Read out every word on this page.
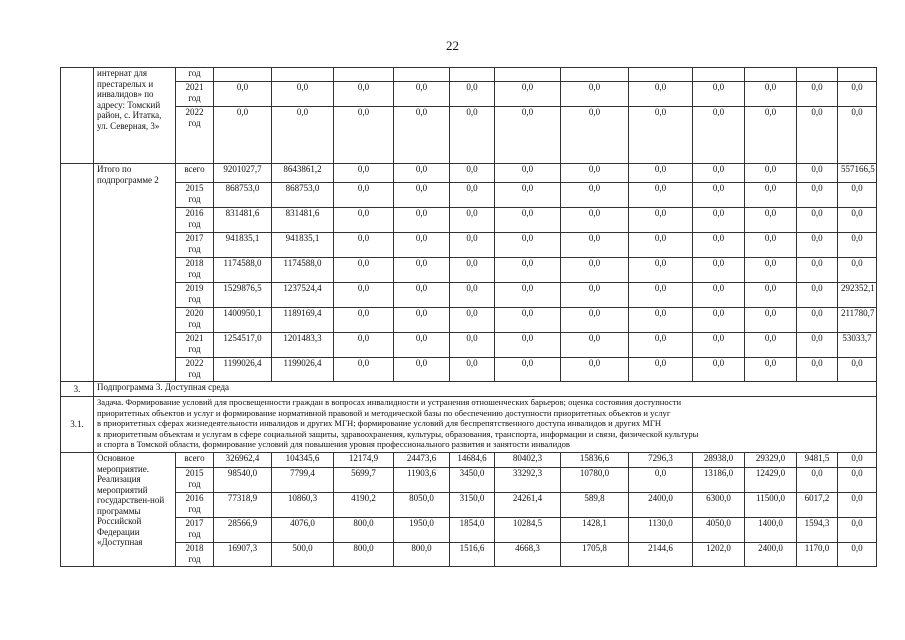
22
	интернат для престарелых и инвалидов» по адресу: Томский район, с. Итатка, ул. Северная, 3»	год												
		2021 год	0,0	0,0	0,0	0,0	0,0	0,0	0,0	0,0	0,0	0,0	0,0	0,0
		2022 год	0,0	0,0	0,0	0,0	0,0	0,0	0,0	0,0	0,0	0,0	0,0	0,0
	Итого по подпрограмме 2	всего	9201027,7	8643861,2	0,0	0,0	0,0	0,0	0,0	0,0	0,0	0,0	0,0	557166,5
		2015 год	868753,0	868753,0	0,0	0,0	0,0	0,0	0,0	0,0	0,0	0,0	0,0	0,0
		2016 год	831481,6	831481,6	0,0	0,0	0,0	0,0	0,0	0,0	0,0	0,0	0,0	0,0
		2017 год	941835,1	941835,1	0,0	0,0	0,0	0,0	0,0	0,0	0,0	0,0	0,0	0,0
		2018 год	1174588,0	1174588,0	0,0	0,0	0,0	0,0	0,0	0,0	0,0	0,0	0,0	0,0
		2019 год	1529876,5	1237524,4	0,0	0,0	0,0	0,0	0,0	0,0	0,0	0,0	0,0	292352,1
		2020 год	1400950,1	1189169,4	0,0	0,0	0,0	0,0	0,0	0,0	0,0	0,0	0,0	211780,7
		2021 год	1254517,0	1201483,3	0,0	0,0	0,0	0,0	0,0	0,0	0,0	0,0	0,0	53033,7
		2022 год	1199026,4	1199026,4	0,0	0,0	0,0	0,0	0,0	0,0	0,0	0,0	0,0	0,0
3.	Подпрограмма 3. Доступная среда													
3.1.	Задача. Формирование условий для просвещенности граждан в вопросах инвалидности и устранения отношенческих барьеров; оценка состояния доступности
приоритетных объектов и услуг и формирование нормативной правовой и методической базы по обеспечению доступности приоритетных объектов и услуг
в приоритетных сферах жизнедеятельности инвалидов и других МГН; формирование условий для беспрепятственного доступа инвалидов и других МГН
к приоритетным объектам и услугам в сфере социальной защиты, здравоохранения, культуры, образования, транспорта, информации и связи, физической культуры
и спорта в Томской области, формирование условий для повышения уровня профессионального развития и занятости инвалидов													

	Основное мероприятие. Реализация мероприятий государствен-ной программы Российской Федерации «Доступная	всего	326962,4	104345,6	12174,9	24473,6	14684,6	80402,3	15836,6	7296,3	28938,0	29329,0	9481,5	0,0
		2015 год	98540,0	7799,4	5699,7	11903,6	3450,0	33292,3	10780,0	0,0	13186,0	12429,0	0,0	0,0
		2016 год	77318,9	10860,3	4190,2	8050,0	3150,0	24261,4	589,8	2400,0	6300,0	11500,0	6017,2	0,0
		2017 год	28566,9	4076,0	800,0	1950,0	1854,0	10284,5	1428,1	1130,0	4050,0	1400,0	1594,3	0,0
		2018 год	16907,3	500,0	800,0	800,0	1516,6	4668,3	1705,8	2144,6	1202,0	2400,0	1170,0	0,0
